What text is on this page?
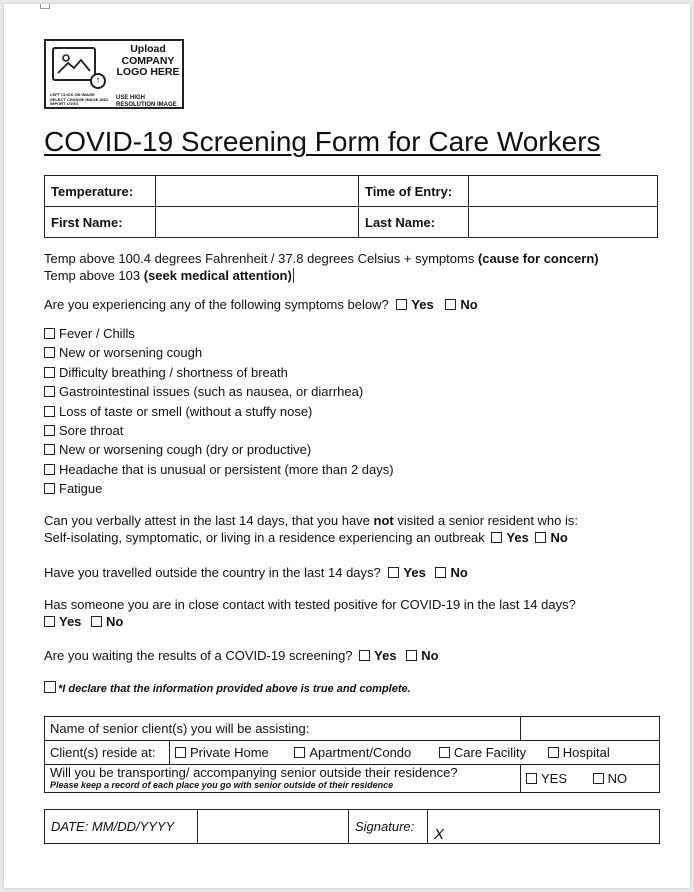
↑
Upload COMPANY LOGO HERE
LEFT CLICK ON IMAGE SELECT CHANGE IMAGE AND IMPORT LOGO
USE HIGH RESOLUTION IMAGE
COVID-19 Screening Form for Care Workers
Temperature:		Time of Entry:	
First Name:		Last Name:	
Temp above 100.4 degrees Fahrenheit / 37.8 degrees Celsius + symptoms (cause for concern)
Temp above 103 (seek medical attention)
Are you experiencing any of the following symptoms below? Yes No
Fever / Chills
New or worsening cough
Difficulty breathing / shortness of breath
Gastrointestinal issues (such as nausea, or diarrhea)
Loss of taste or smell (without a stuffy nose)
Sore throat
New or worsening cough (dry or productive)
Headache that is unusual or persistent (more than 2 days)
Fatigue
Can you verbally attest in the last 14 days, that you have not visited a senior resident who is:
Self-isolating, symptomatic, or living in a residence experiencing an outbreak Yes No
Have you travelled outside the country in the last 14 days? Yes No
Has someone you are in close contact with tested positive for COVID-19 in the last 14 days?
Yes No
Are you waiting the results of a COVID-19 screening? Yes No
*I declare that the information provided above is true and complete.
Name of senior client(s) you will be assisting:		
Client(s) reside at:	Private Home Apartment/Condo Care Facility Hospital	

Will you be transporting/ accompanying senior outside their residence?
Please keep a record of each place you go with senior outside of their residence		YES NO
DATE: MM/DD/YYYY		Signature:	X
